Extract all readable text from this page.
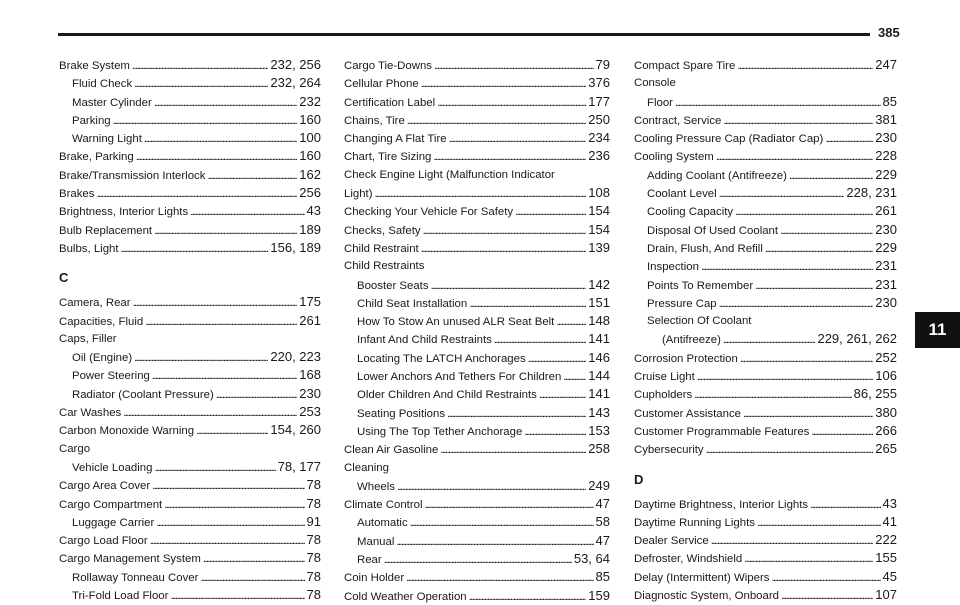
385
Brake System . . .	232, 256
Fluid Check . . .	232, 264
Master Cylinder . . .	232
Parking . . .	160
Warning Light . . .	100
Brake, Parking . . .	160
Brake/Transmission Interlock . . .	162
Brakes . . .	256
Brightness, Interior Lights . . .	43
Bulb Replacement . . .	189
Bulbs, Light . . .	156, 189
C
Camera, Rear . . .	175
Capacities, Fluid . . .	261
Caps, Filler
Oil (Engine) . . .	220, 223
Power Steering . . .	168
Radiator (Coolant Pressure) . . .	230
Car Washes . . .	253
Carbon Monoxide Warning . . .	154, 260
Cargo
Vehicle Loading . . .	78, 177
Cargo Area Cover . . .	78
Cargo Compartment . . .	78
Luggage Carrier . . .	91
Cargo Load Floor . . .	78
Cargo Management System . . .	78
Rollaway Tonneau Cover . . .	78
Tri-Fold Load Floor . . .	78
Cargo Tie-Downs . . .	79
Cellular Phone . . .	376
Certification Label . . .	177
Chains, Tire . . .	250
Changing A Flat Tire . . .	234
Chart, Tire Sizing . . .	236
Check Engine Light (Malfunction Indicator
Light) . . .	108
Checking Your Vehicle For Safety . . .	154
Checks, Safety . . .	154
Child Restraint . . .	139
Child Restraints
Booster Seats . . .	142
Child Seat Installation . . .	151
How To Stow An unused ALR Seat Belt . . .	148
Infant And Child Restraints . . .	141
Locating The LATCH Anchorages . . .	146
Lower Anchors And Tethers For Children . . . 144
Older Children And Child Restraints . . .	141
Seating Positions . . .	143
Using The Top Tether Anchorage . . .	153
Clean Air Gasoline . . .	258
Cleaning
Wheels . . .	249
Climate Control . . .	47
Automatic . . .	58
Manual . . .	47
Rear . . .	53, 64
Coin Holder . . .	85
Cold Weather Operation . . .	159
Compact Spare Tire . . .	247
Console
Floor . . .	85
Contract, Service . . .	381
Cooling Pressure Cap (Radiator Cap) . . .	230
Cooling System . . .	228
Adding Coolant (Antifreeze) . . .	229
Coolant Level . . .	228, 231
Cooling Capacity . . .	261
Disposal Of Used Coolant . . .	230
Drain, Flush, And Refill . . .	229
Inspection . . .	231
Points To Remember . . .	231
Pressure Cap . . .	230
Selection Of Coolant
(Antifreeze) . . .	229, 261, 262
Corrosion Protection . . .	252
Cruise Light . . .	106
Cupholders . . .	86, 255
Customer Assistance . . .	380
Customer Programmable Features . . .	266
Cybersecurity . . .	265
D
Daytime Brightness, Interior Lights . . .	43
Daytime Running Lights . . .	41
Dealer Service . . .	222
Defroster, Windshield . . .	155
Delay (Intermittent) Wipers . . .	45
Diagnostic System, Onboard . . .	107
11
